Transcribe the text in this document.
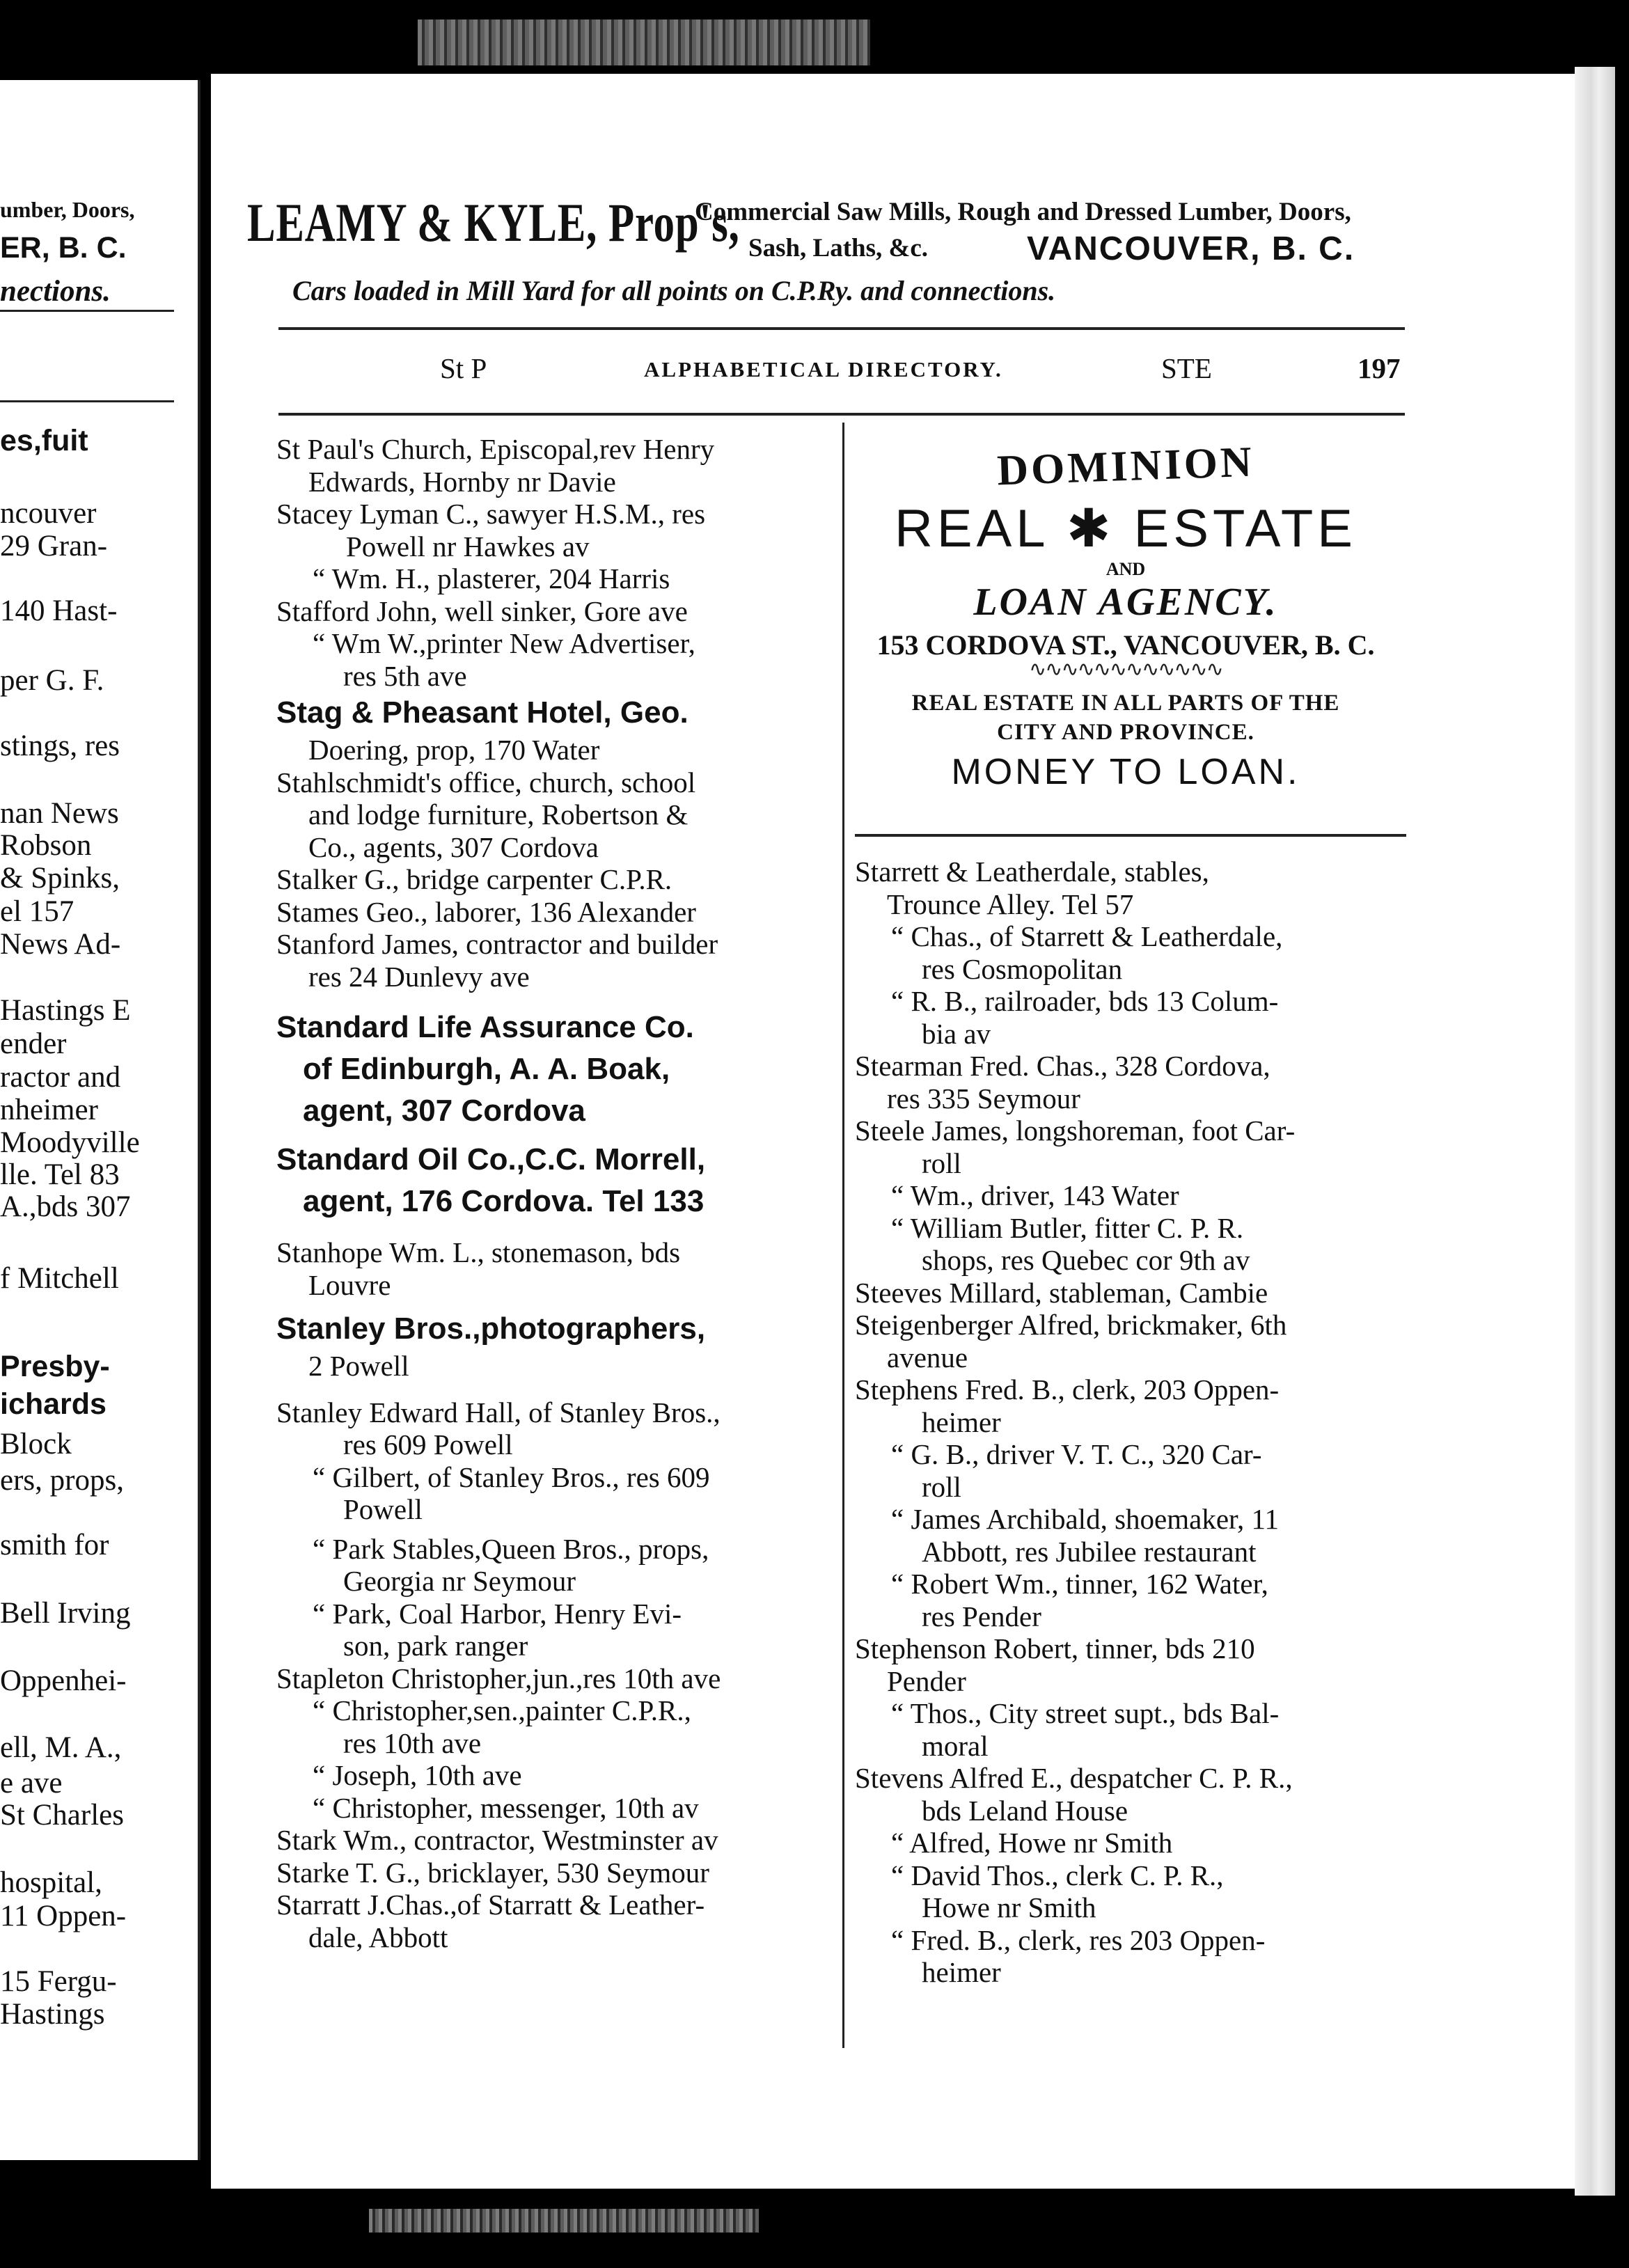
umber, Doors,
ER, B. C.
nections.
es,fuit
ncouver
29 Gran-
140 Hast-
per G. F.
stings, res
nan News
Robson
& Spinks,
el 157
News Ad-
Hastings E
ender
ractor and
nheimer
Moodyville
lle. Tel 83
A.,bds 307
f Mitchell
Presby-
ichards
Block
ers, props,
smith for
Bell Irving
Oppenhei-
ell, M. A.,
e ave
St Charles
hospital,
11 Oppen-
15 Fergu-
Hastings
LEAMY & KYLE, Prop's,
Commercial Saw Mills, Rough and Dressed Lumber, Doors,
Sash, Laths, &c.	VANCOUVER, B. C.
Cars loaded in Mill Yard for all points on C.P.Ry. and connections.
St P	ALPHABETICAL DIRECTORY.	STE	197
St Paul's Church, Episcopal,rev Henry
Edwards, Hornby nr Davie
Stacey Lyman C., sawyer H.S.M., res
Powell nr Hawkes av
“ Wm. H., plasterer, 204 Harris
Stafford John, well sinker, Gore ave
“ Wm W.,printer New Advertiser,
res 5th ave
Stag & Pheasant Hotel, Geo.
Doering, prop, 170 Water
Stahlschmidt's office, church, school
and lodge furniture, Robertson &
Co., agents, 307 Cordova
Stalker G., bridge carpenter C.P.R.
Stames Geo., laborer, 136 Alexander
Stanford James, contractor and builder
res 24 Dunlevy ave
Standard Life Assurance Co.
of Edinburgh, A. A. Boak,
agent, 307 Cordova
Standard Oil Co.,C.C. Morrell,
agent, 176 Cordova. Tel 133
Stanhope Wm. L., stonemason, bds
Louvre
Stanley Bros.,photographers,
2 Powell
Stanley Edward Hall, of Stanley Bros.,
res 609 Powell
“ Gilbert, of Stanley Bros., res 609
Powell
“ Park Stables,Queen Bros., props,
Georgia nr Seymour
“ Park, Coal Harbor, Henry Evi-
son, park ranger
Stapleton Christopher,jun.,res 10th ave
“ Christopher,sen.,painter C.P.R.,
res 10th ave
“ Joseph, 10th ave
“ Christopher, messenger, 10th av
Stark Wm., contractor, Westminster av
Starke T. G., bricklayer, 530 Seymour
Starratt J.Chas.,of Starratt & Leather-
dale, Abbott
DOMINION
REAL ✱ ESTATE
AND
LOAN AGENCY.
153 CORDOVA ST., VANCOUVER, B. C.
∿∿∿∿∿∿∿∿∿∿∿∿
REAL ESTATE IN ALL PARTS OF THE
CITY AND PROVINCE.
MONEY TO LOAN.
Starrett & Leatherdale, stables,
Trounce Alley. Tel 57
“ Chas., of Starrett & Leatherdale,
res Cosmopolitan
“ R. B., railroader, bds 13 Colum-
bia av
Stearman Fred. Chas., 328 Cordova,
res 335 Seymour
Steele James, longshoreman, foot Car-
roll
“ Wm., driver, 143 Water
“ William Butler, fitter C. P. R.
shops, res Quebec cor 9th av
Steeves Millard, stableman, Cambie
Steigenberger Alfred, brickmaker, 6th
avenue
Stephens Fred. B., clerk, 203 Oppen-
heimer
“ G. B., driver V. T. C., 320 Car-
roll
“ James Archibald, shoemaker, 11
Abbott, res Jubilee restaurant
“ Robert Wm., tinner, 162 Water,
res Pender
Stephenson Robert, tinner, bds 210
Pender
“ Thos., City street supt., bds Bal-
moral
Stevens Alfred E., despatcher C. P. R.,
bds Leland House
“ Alfred, Howe nr Smith
“ David Thos., clerk C. P. R.,
Howe nr Smith
“ Fred. B., clerk, res 203 Oppen-
heimer
